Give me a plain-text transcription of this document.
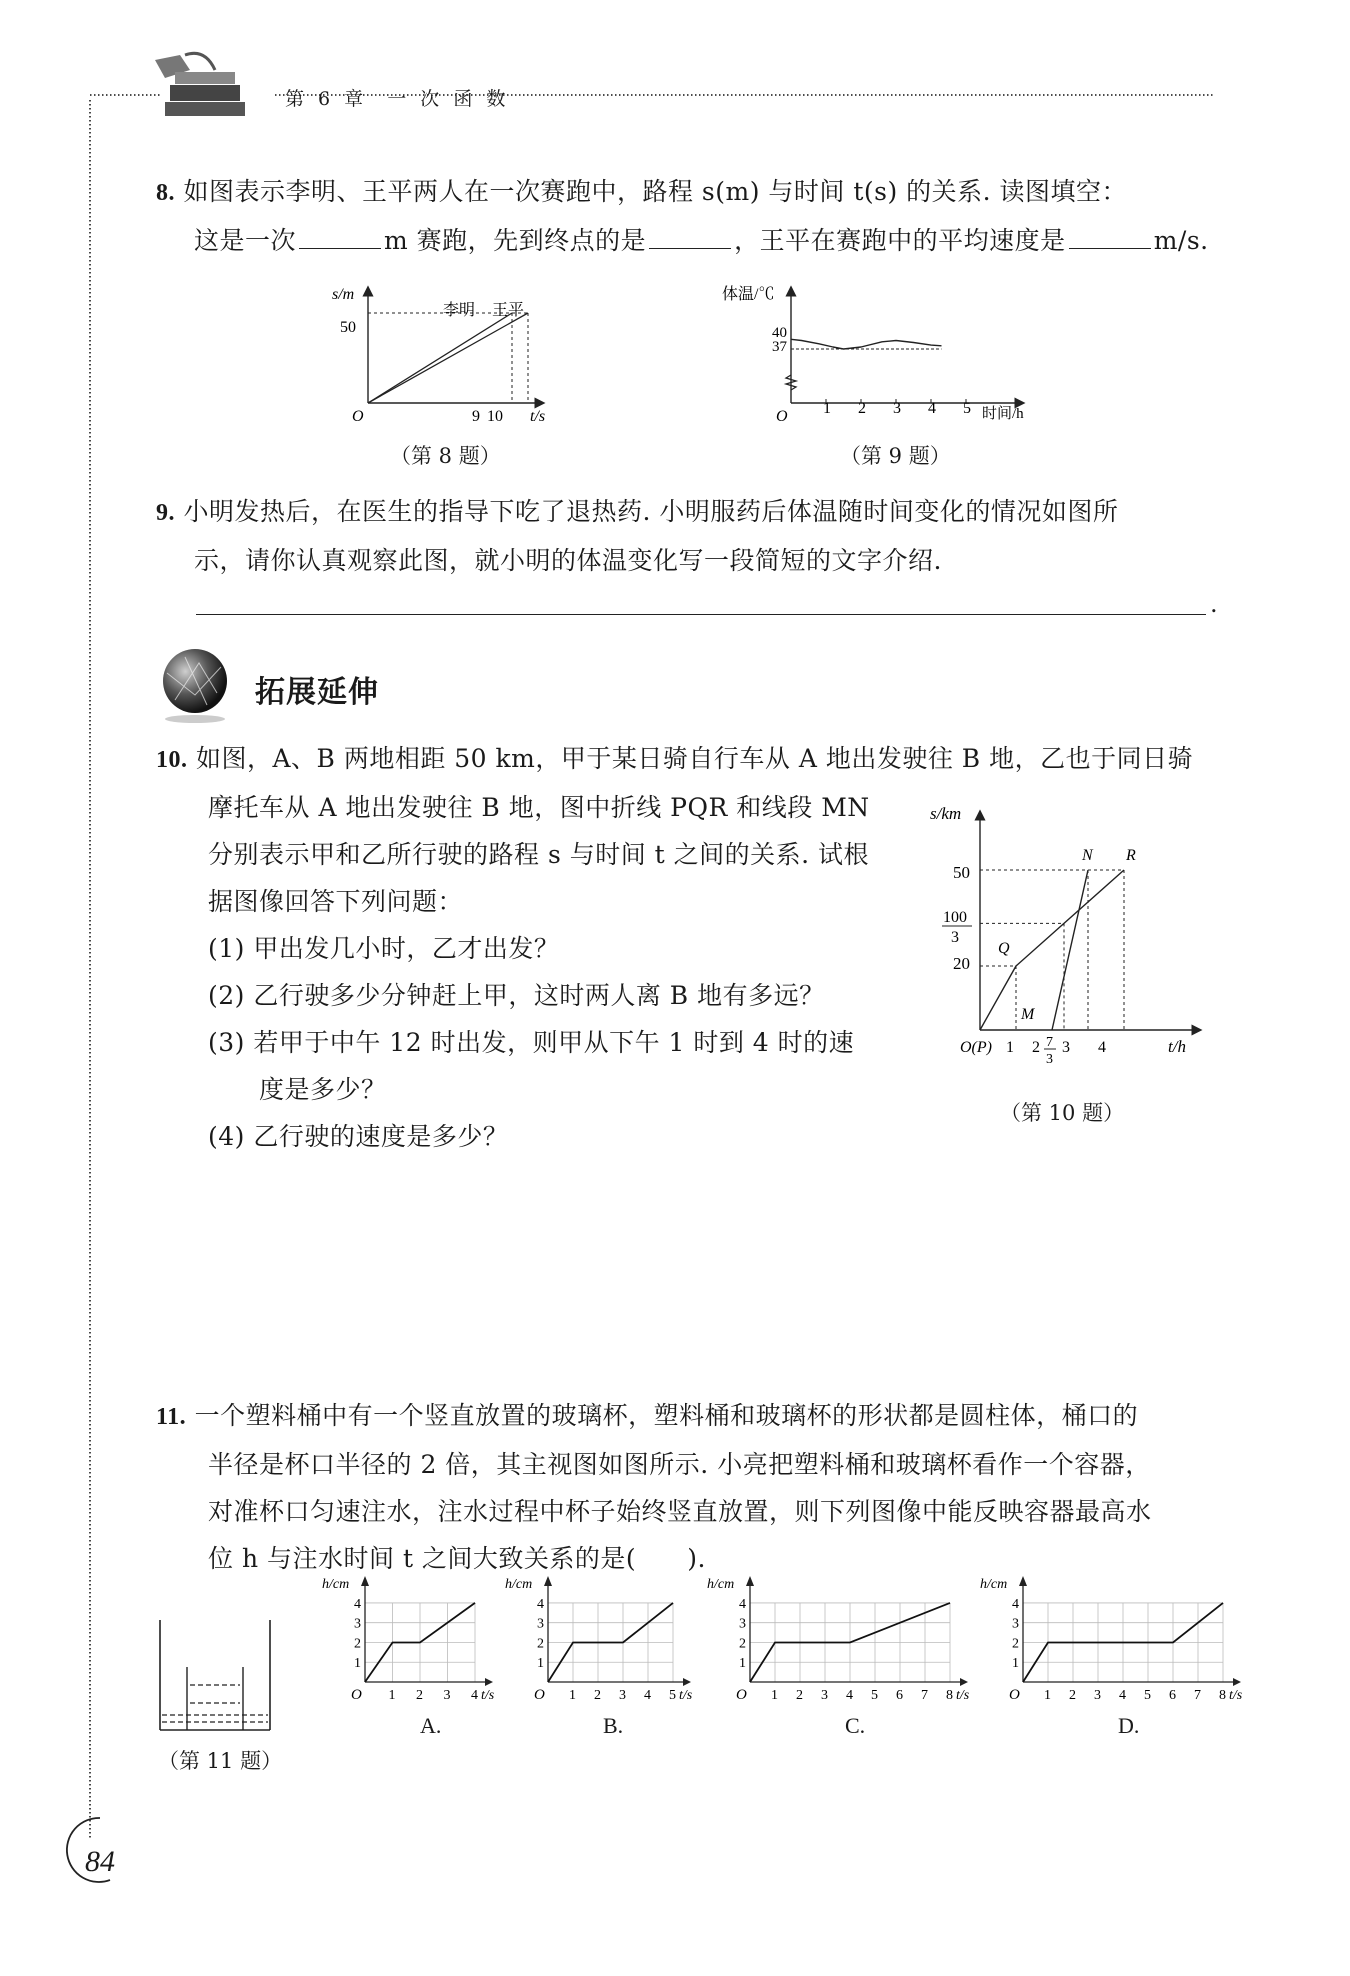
第 6 章 一 次 函 数
8. 如图表示李明、王平两人在一次赛跑中，路程 s(m) 与时间 t(s) 的关系. 读图填空：
这是一次	m 赛跑，先到终点的是	，王平在赛跑中的平均速度是	m/s.
s/m
t/s
O
50
9 10
李明 王平
（第 8 题）
体温/℃
40
37
O 1 2 3 4 5 时间/h
（第 9 题）
9. 小明发热后，在医生的指导下吃了退热药. 小明服药后体温随时间变化的情况如图所
示，请你认真观察此图，就小明的体温变化写一段简短的文字介绍.
.
拓展延伸
10. 如图，A、B 两地相距 50 km，甲于某日骑自行车从 A 地出发驶往 B 地，乙也于同日骑
摩托车从 A 地出发驶往 B 地，图中折线 PQR 和线段 MN
分别表示甲和乙所行驶的路程 s 与时间 t 之间的关系. 试根
据图像回答下列问题：
(1) 甲出发几小时，乙才出发？
(2) 乙行驶多少分钟赶上甲，这时两人离 B 地有多远？
(3) 若甲于中午 12 时出发，则甲从下午 1 时到 4 时的速
度是多少？
(4) 乙行驶的速度是多少？
s/km
50
100
3
20
O(P) 1 2 7
3
3 4	t/h
Q
M
N R
（第 10 题）
11. 一个塑料桶中有一个竖直放置的玻璃杯，塑料桶和玻璃杯的形状都是圆柱体，桶口的
半径是杯口半径的 2 倍，其主视图如图所示. 小亮把塑料桶和玻璃杯看作一个容器，
对准杯口匀速注水，注水过程中杯子始终竖直放置，则下列图像中能反映容器最高水
位 h 与注水时间 t 之间大致关系的是(　　).
（第 11 题）
h/cm
t/s
O
1
2
3
4
1 2 3 4
A.
h/cm
t/s
O
1
2
3
4
1 2 3 4 5
B.
h/cm
t/s
O
1
2
3
4
1 2 3 4 5 6 7 8
C.
h/cm
t/s
O
1
2
3
4
1 2 3 4 5 6 7 8
D.
84
